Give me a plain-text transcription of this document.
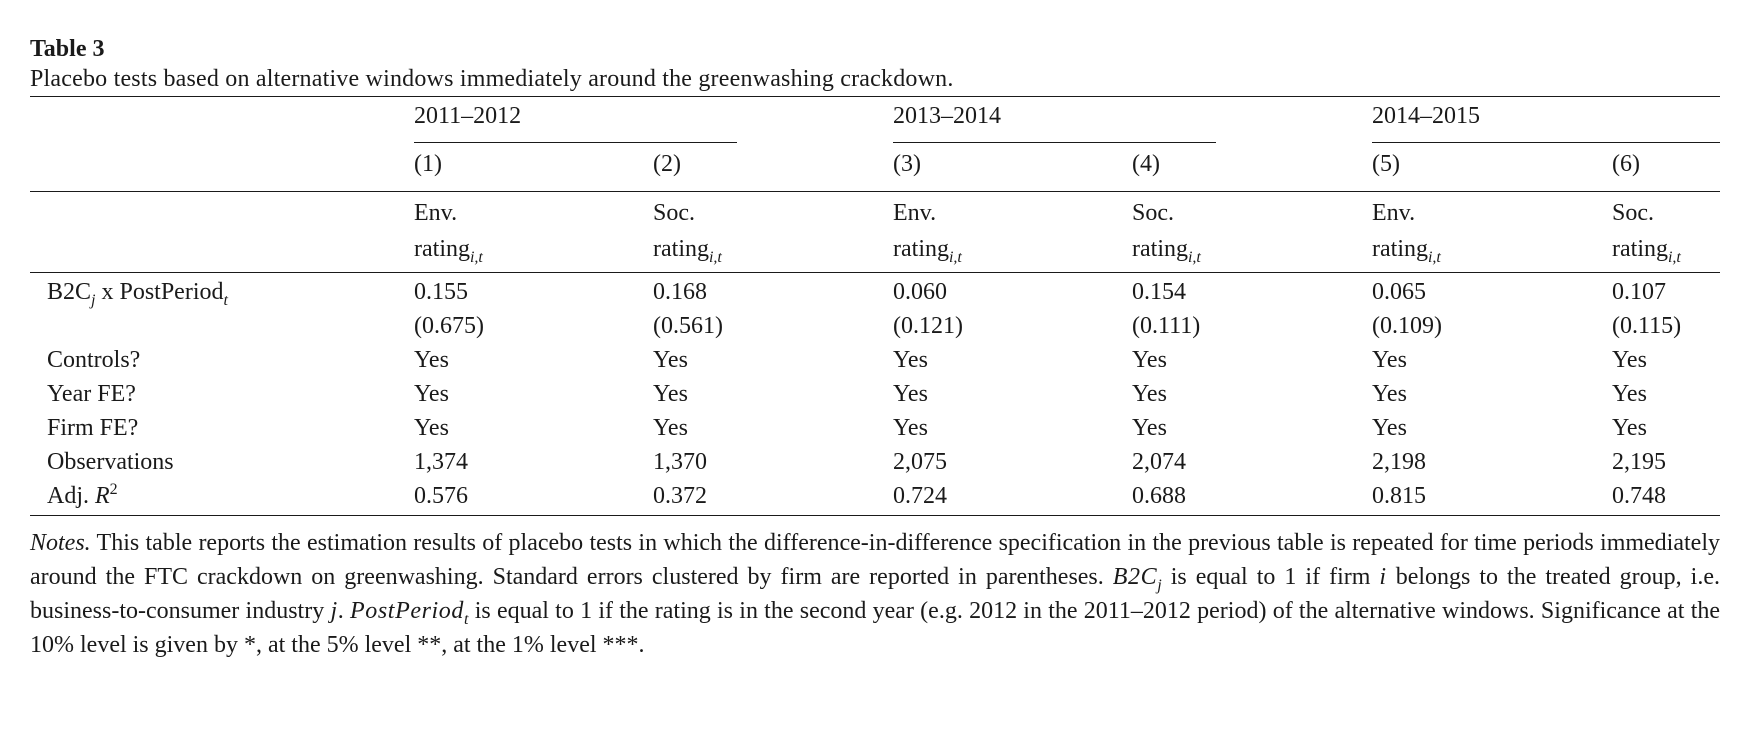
Table 3

Placebo tests based on alternative windows immediately around the greenwashing crackdown.

2011–2012	2013–2014	2014–2015
(1)	(2)	(3)	(4)	(5)	(6)
Env.	Soc.	Env.	Soc.	Env.	Soc.
rating$_{i,t}$	rating$_{i,t}$	rating$_{i,t}$	rating$_{i,t}$	rating$_{i,t}$	rating$_{i,t}$
$B2C_j$ x PostPeriod$_t$	0.155	0.168	0.060	0.154	0.065	0.107
(0.675)	(0.561)	(0.121)	(0.111)	(0.109)	(0.115)
Controls?	Yes	Yes	Yes	Yes	Yes	Yes
Year FE?	Yes	Yes	Yes	Yes	Yes	Yes
Firm FE?	Yes	Yes	Yes	Yes	Yes	Yes
Observations	1,374	1,370	2,075	2,074	2,198	2,195
Adj. $R^2$	0.576	0.372	0.724	0.688	0.815	0.748

Notes. This table reports the estimation results of placebo tests in which the difference-in-difference specification in the previous table is repeated for time periods immediately around the FTC crackdown on greenwashing. Standard errors clustered by firm are reported in parentheses. $B2C_j$ is equal to 1 if firm i belongs to the treated group, i.e. business-to-consumer industry j. PostPeriod$_t$ is equal to 1 if the rating is in the second year (e.g. 2012 in the 2011–2012 period) of the alternative windows. Significance at the 10% level is given by *, at the 5% level **, at the 1% level ***.
